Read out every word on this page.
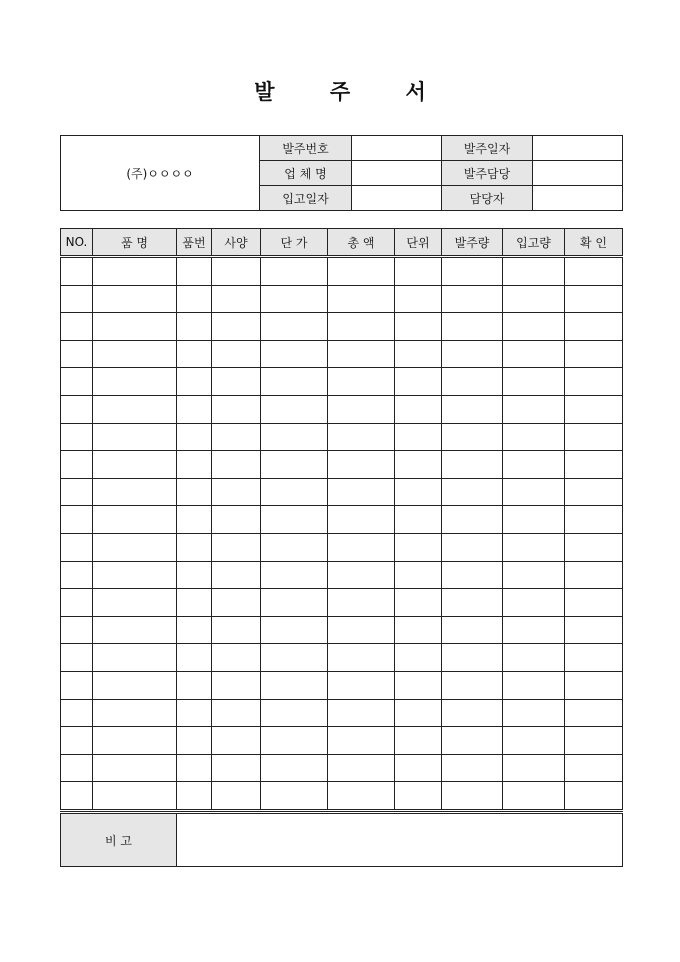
발 주 서
(주)ㅇㅇㅇㅇ	발주번호		발주일자	
	업 체 명		발주담당	
	입고일자		담당자	
NO.	품 명	품번	사양	단 가	총 액	단위	발주량	입고량	확 인

비 고	
